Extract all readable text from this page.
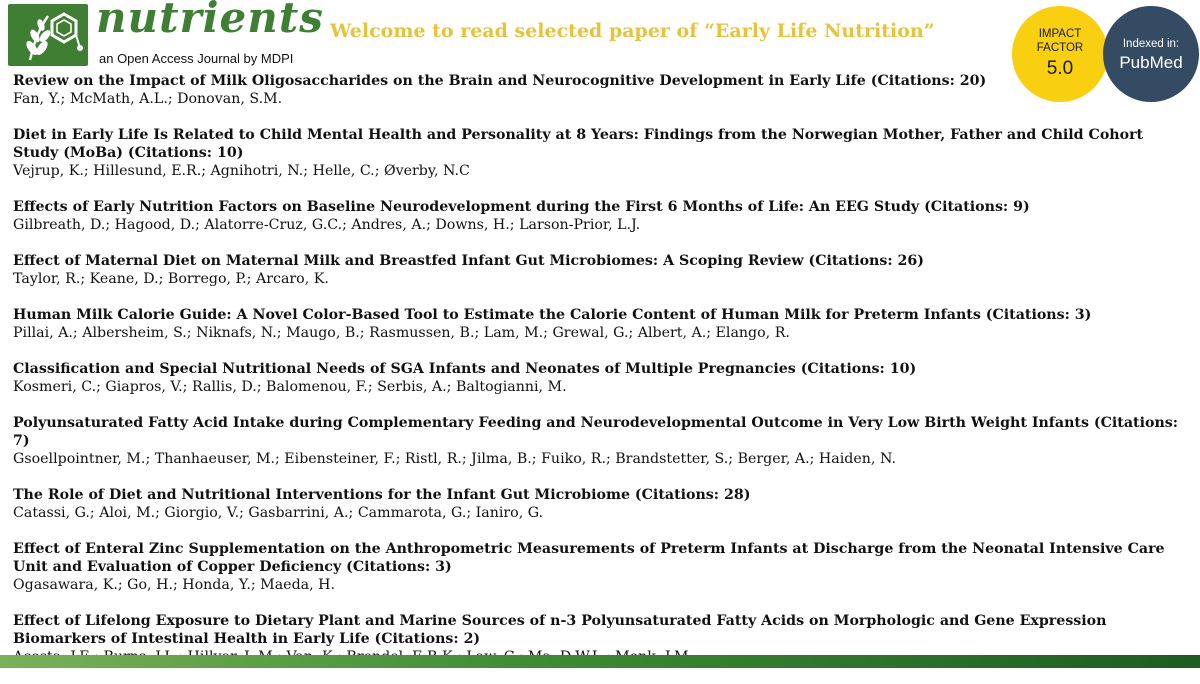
nutrients
an Open Access Journal by MDPI
Welcome to read selected paper of “Early Life Nutrition”	IMPACT FACTOR
5.0
Indexed in:
PubMed

Review on the Impact of Milk Oligosaccharides on the Brain and Neurocognitive Development in Early Life (Citations: 20)

Fan, Y.; McMath, A.L.; Donovan, S.M.

Diet in Early Life Is Related to Child Mental Health and Personality at 8 Years: Findings from the Norwegian Mother, Father and Child Cohort Study (MoBa) (Citations: 10)

Vejrup, K.; Hillesund, E.R.; Agnihotri, N.; Helle, C.; Øverby, N.C

Effects of Early Nutrition Factors on Baseline Neurodevelopment during the First 6 Months of Life: An EEG Study (Citations: 9)

Gilbreath, D.; Hagood, D.; Alatorre-Cruz, G.C.; Andres, A.; Downs, H.; Larson-Prior, L.J.

Effect of Maternal Diet on Maternal Milk and Breastfed Infant Gut Microbiomes: A Scoping Review (Citations: 26)

Taylor, R.; Keane, D.; Borrego, P.; Arcaro, K.

Human Milk Calorie Guide: A Novel Color-Based Tool to Estimate the Calorie Content of Human Milk for Preterm Infants (Citations: 3)

Pillai, A.; Albersheim, S.; Niknafs, N.; Maugo, B.; Rasmussen, B.; Lam, M.; Grewal, G.; Albert, A.; Elango, R.

Classification and Special Nutritional Needs of SGA Infants and Neonates of Multiple Pregnancies (Citations: 10)

Kosmeri, C.; Giapros, V.; Rallis, D.; Balomenou, F.; Serbis, A.; Baltogianni, M.

Polyunsaturated Fatty Acid Intake during Complementary Feeding and Neurodevelopmental Outcome in Very Low Birth Weight Infants (Citations: 7)

Gsoellpointner, M.; Thanhaeuser, M.; Eibensteiner, F.; Ristl, R.; Jilma, B.; Fuiko, R.; Brandstetter, S.; Berger, A.; Haiden, N.

The Role of Diet and Nutritional Interventions for the Infant Gut Microbiome (Citations: 28)

Catassi, G.; Aloi, M.; Giorgio, V.; Gasbarrini, A.; Cammarota, G.; Ianiro, G.

Effect of Enteral Zinc Supplementation on the Anthropometric Measurements of Preterm Infants at Discharge from the Neonatal Intensive Care Unit and Evaluation of Copper Deficiency (Citations: 3)

Ogasawara, K.; Go, H.; Honda, Y.; Maeda, H.

Effect of Lifelong Exposure to Dietary Plant and Marine Sources of n-3 Polyunsaturated Fatty Acids on Morphologic and Gene Expression Biomarkers of Intestinal Health in Early Life (Citations: 2)
